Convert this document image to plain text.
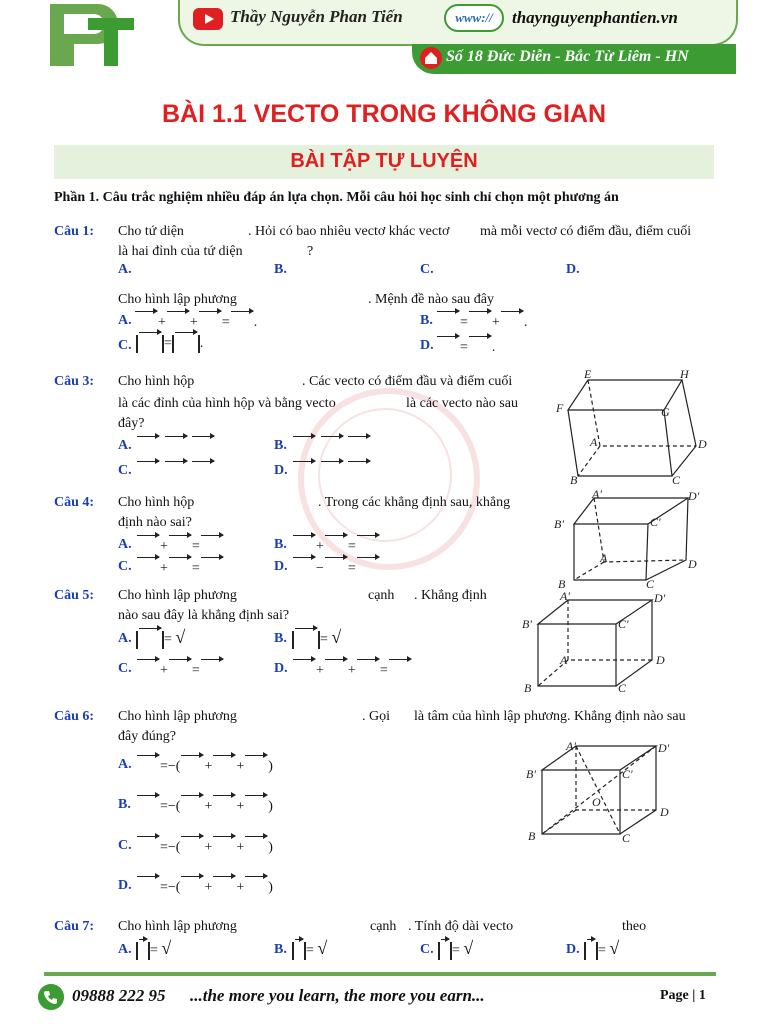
Thầy Nguyễn Phan Tiến	www://	thaynguyenphantien.vn
Số 18 Đức Diễn - Bắc Từ Liêm - HN
BÀI 1.1 VECTO TRONG KHÔNG GIAN
BÀI TẬP TỰ LUYỆN
Phần 1. Câu trắc nghiệm nhiều đáp án lựa chọn. Mỗi câu hỏi học sinh chỉ chọn một phương án
Câu 1: Cho tứ diện	. Hỏi có bao nhiêu vectơ khác vectơ mà mỗi vectơ có điểm đầu, điểm cuối
là hai đỉnh của tứ diện	?
A.	B.	C.	D.
Cho hình lập phương	. Mệnh đề nào sau đây
A.	+ + = .	B.	= + .
C.	= .	D.	= .
Câu 3: Cho hình hộp	. Các vecto có điểm đầu và điểm cuối
là các đỉnh của hình hộp và bằng vecto	là các vecto nào sau
đây?
A.
	B.

C.
	D.

Câu 4: Cho hình hộp	. Trong các khẳng định sau, khẳng
định nào sai?
A.	+ =	B.	+ =
C.	+ =	D.	− =
Câu 5: Cho hình lập phương	cạnh . Khẳng định
nào sau đây là khẳng định sai?
A.	= √	B.	= √
C.	+ =	D.	+ + =
Câu 6: Cho hình lập phương	. Gọi là tâm của hình lập phương. Khẳng định nào sau
đây đúng?
A.	=−( + + )
B.	=−( + + )
C.	=−( + + )
D.	=−( + + )
Câu 7: Cho hình lập phương	cạnh . Tính độ dài vecto	theo
A.	= √	B.	= √	C.	= √	D.	= √
E	H
F	G
A	D
B	C
A'	D'
B'	C'
A
B	C
D
A'	D'
B'	C'
A	D
B	C
A'	D'
B'	C'
O
D
B	C
09888 222 95 ...the more you learn, the more you earn...	Page | 1
